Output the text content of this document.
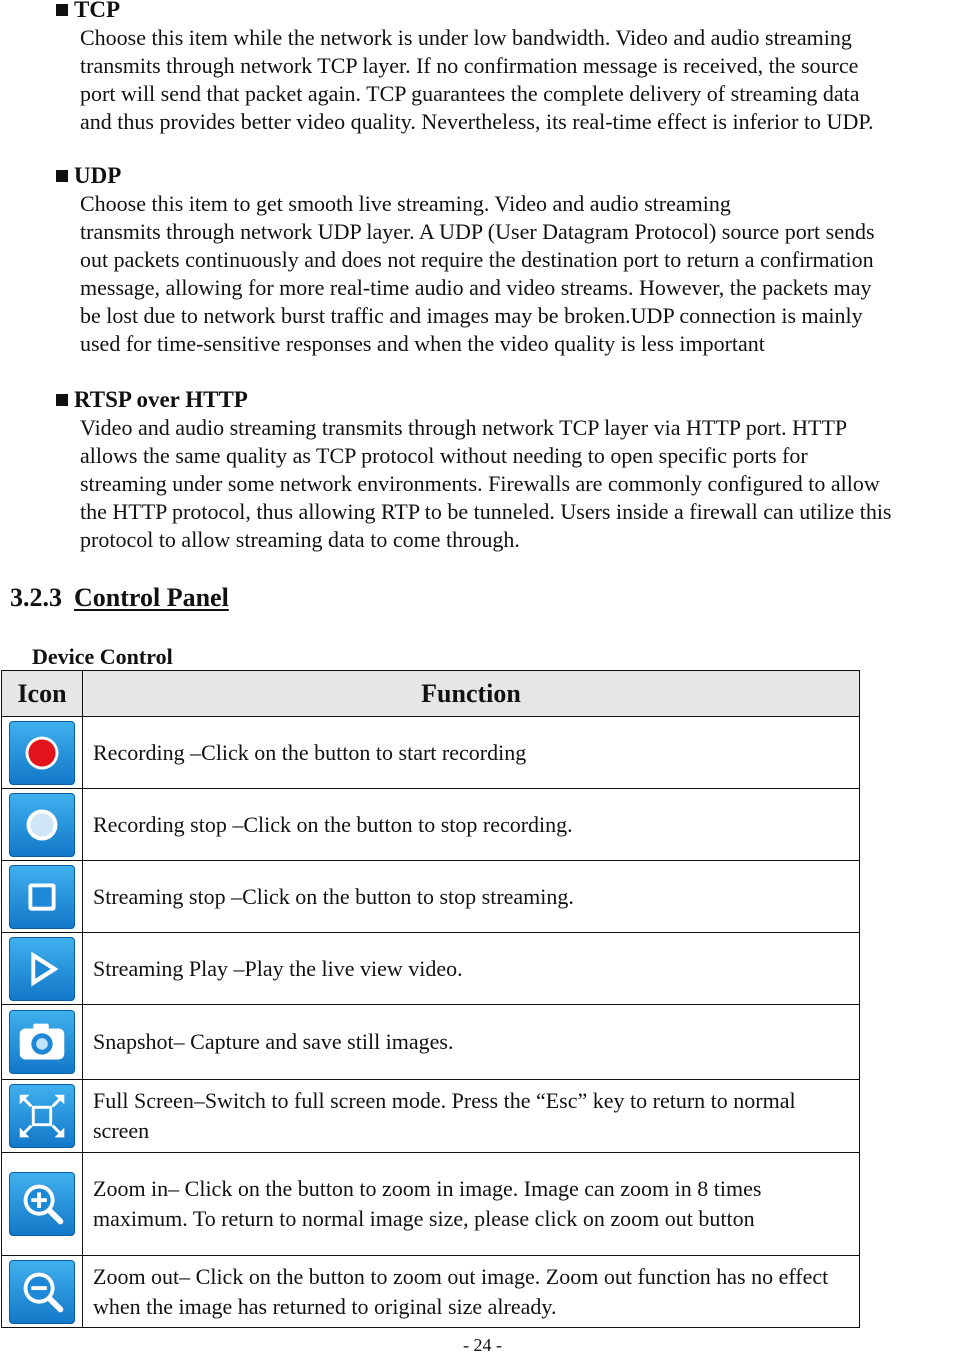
TCP
Choose this item while the network is under low bandwidth. Video and audio streaming
transmits through network TCP layer. If no confirmation message is received, the source
port will send that packet again. TCP guarantees the complete delivery of streaming data
and thus provides better video quality. Nevertheless, its real-time effect is inferior to UDP.
UDP
Choose this item to get smooth live streaming. Video and audio streaming
transmits through network UDP layer. A UDP (User Datagram Protocol) source port sends
out packets continuously and does not require the destination port to return a confirmation
message, allowing for more real-time audio and video streams. However, the packets may
be lost due to network burst traffic and images may be broken.UDP connection is mainly
used for time-sensitive responses and when the video quality is less important
RTSP over HTTP
Video and audio streaming transmits through network TCP layer via HTTP port. HTTP
allows the same quality as TCP protocol without needing to open specific ports for
streaming under some network environments. Firewalls are commonly configured to allow
the HTTP protocol, thus allowing RTP to be tunneled. Users inside a firewall can utilize this
protocol to allow streaming data to come through.
3.2.3 Control Panel
Device Control
Icon	Function

	Recording –Click on the button to start recording

	Recording stop –Click on the button to stop recording.

	Streaming stop –Click on the button to stop streaming.

	Streaming Play –Play the live view video.

	Snapshot– Capture and save still images.

	Full Screen–Switch to full screen mode. Press the “Esc” key to return to normal screen

	Zoom in– Click on the button to zoom in image. Image can zoom in 8 times maximum. To return to normal image size, please click on zoom out button

	Zoom out– Click on the button to zoom out image. Zoom out function has no effect when the image has returned to original size already.
- 24 -
